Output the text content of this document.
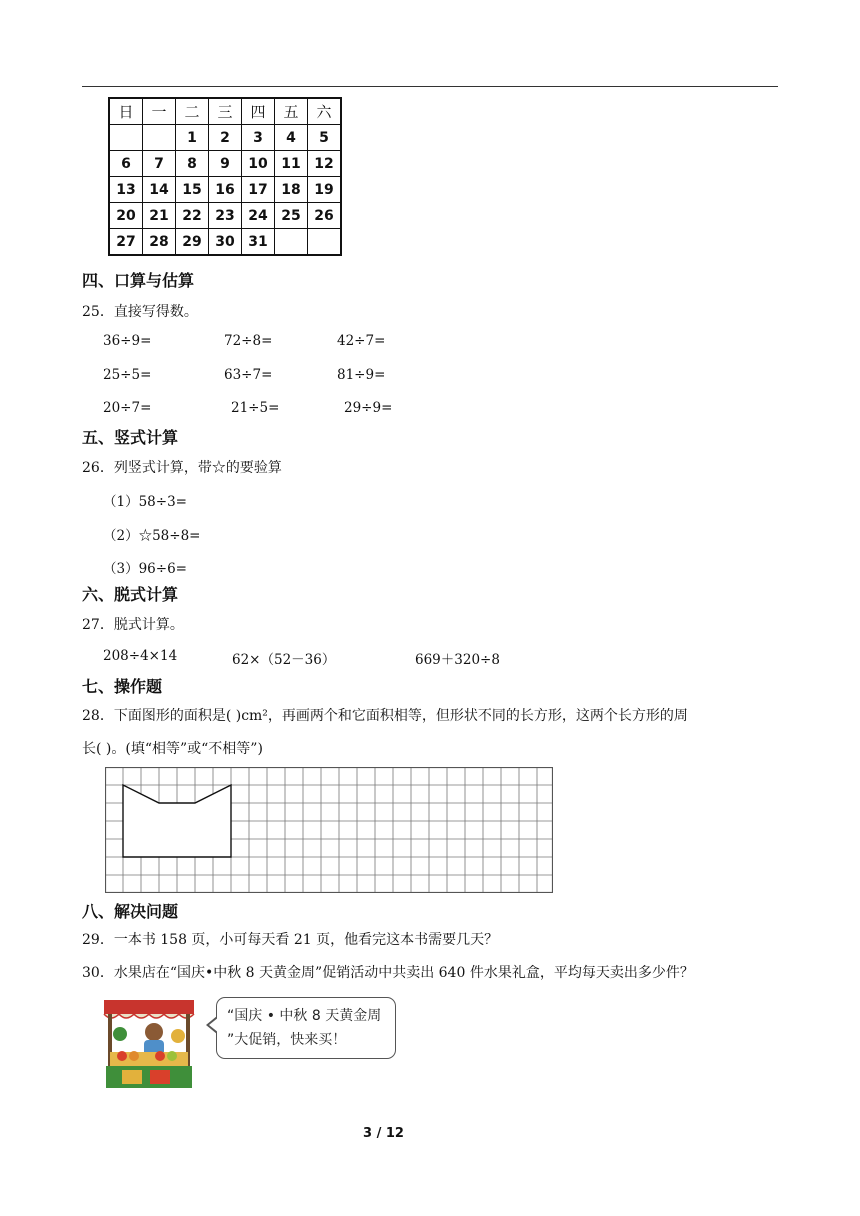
日	一	二	三	四	五	六
		1	2	3	4	5
6	7	8	9	10	11	12
13	14	15	16	17	18	19
20	21	22	23	24	25	26
27	28	29	30	31		
四、口算与估算
25．直接写得数。
36÷9=	72÷8=	42÷7=
25÷5=	63÷7=	81÷9=
20÷7=	21÷5=	29÷9=
五、竖式计算
26．列竖式计算，带☆的要验算
（1）58÷3=
（2）☆58÷8=
（3）96÷6=
六、脱式计算
27．脱式计算。
208÷4×14	62×（52－36）	669＋320÷8
七、操作题
28．下面图形的面积是( )cm²，再画两个和它面积相等，但形状不同的长方形，这两个长方形的周
长( )。(填“相等”或“不相等”)
八、解决问题
29．一本书 158 页，小可每天看 21 页，他看完这本书需要几天？
30．水果店在“国庆•中秋 8 天黄金周”促销活动中共卖出 640 件水果礼盒，平均每天卖出多少件？
“国庆 • 中秋 8 天黄金周 ”大促销，快来买！
3 / 12
